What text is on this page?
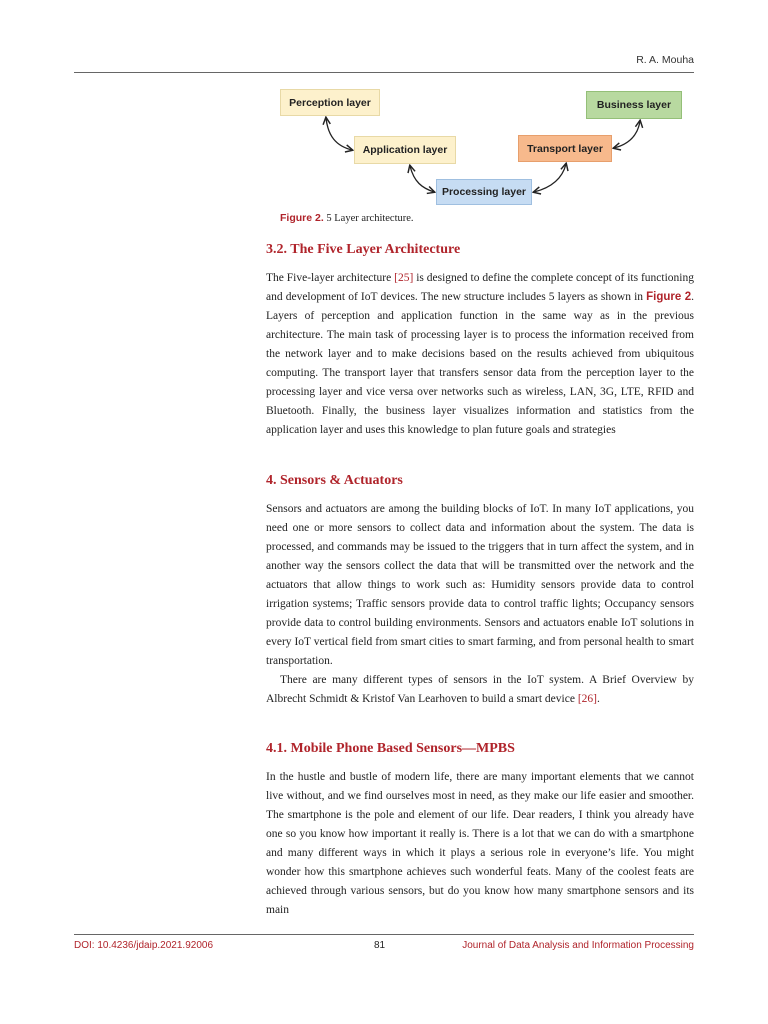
R. A. Mouha
Perception layer
Application layer
Processing layer
Transport layer
Business layer
Figure 2. 5 Layer architecture.
3.2. The Five Layer Architecture

The Five-layer architecture [25] is designed to define the complete concept of its functioning and development of IoT devices. The new structure includes 5 layers as shown in Figure 2. Layers of perception and application function in the same way as in the previous architecture. The main task of processing layer is to process the information received from the network layer and to make decisions based on the results achieved from ubiquitous computing. The transport layer that transfers sensor data from the perception layer to the processing layer and vice versa over networks such as wireless, LAN, 3G, LTE, RFID and Bluetooth. Finally, the business layer visualizes information and statistics from the application layer and uses this knowledge to plan future goals and strategies

4. Sensors & Actuators

Sensors and actuators are among the building blocks of IoT. In many IoT applications, you need one or more sensors to collect data and information about the system. The data is processed, and commands may be issued to the triggers that in turn affect the system, and in another way the sensors collect the data that will be transmitted over the network and the actuators that allow things to work such as: Humidity sensors provide data to control irrigation systems; Traffic sensors provide data to control traffic lights; Occupancy sensors provide data to control building environments. Sensors and actuators enable IoT solutions in every IoT vertical field from smart cities to smart farming, and from personal health to smart transportation.

There are many different types of sensors in the IoT system. A Brief Overview by Albrecht Schmidt & Kristof Van Learhoven to build a smart device [26].

4.1. Mobile Phone Based Sensors—MPBS

In the hustle and bustle of modern life, there are many important elements that we cannot live without, and we find ourselves most in need, as they make our life easier and smoother. The smartphone is the pole and element of our life. Dear readers, I think you already have one so you know how important it really is. There is a lot that we can do with a smartphone and many different ways in which it plays a serious role in everyone’s life. You might wonder how this smartphone achieves such wonderful feats. Many of the coolest feats are achieved through various sensors, but do you know how many smartphone sensors and its main

DOI: 10.4236/jdaip.2021.92006	81	Journal of Data Analysis and Information Processing
